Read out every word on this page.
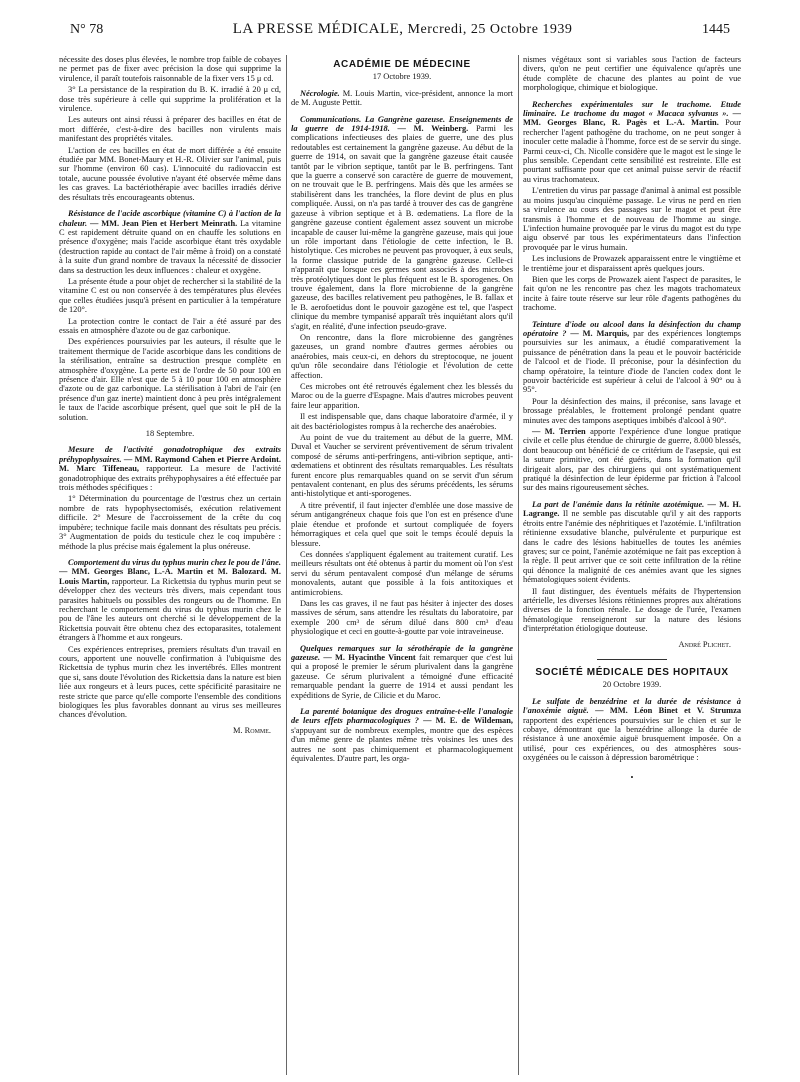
N° 78	LA PRESSE MÉDICALE, Mercredi, 25 Octobre 1939	1445

nécessite des doses plus élevées, le nombre trop faible de cobayes ne permet pas de fixer avec précision la dose qui supprime la virulence, il paraît toutefois raisonnable de la fixer vers 15 μ cd.

3° La persistance de la respiration du B. K. irradié à 20 μ cd, dose très supérieure à celle qui supprime la prolifération et la virulence.

Les auteurs ont ainsi réussi à préparer des bacilles en état de mort différée, c'est-à-dire des bacilles non virulents mais manifestant des propriétés vitales.

L'action de ces bacilles en état de mort différée a été ensuite étudiée par MM. Bonet-Maury et H.-R. Olivier sur l'animal, puis sur l'homme (environ 60 cas). L'innocuité du radiovaccin est totale, aucune poussée évolutive n'ayant été observée même dans les cas graves. La bactériothérapie avec bacilles irradiés dérive des résultats très encourageants obtenus.

Résistance de l'acide ascorbique (vitamine C) à l'action de la chaleur. — MM. Jean Pien et Herbert Meinrath. La vitamine C est rapidement détruite quand on en chauffe les solutions en présence d'oxygène; mais l'acide ascorbique étant très oxydable (destruction rapide au contact de l'air même à froid) on a constaté à la suite d'un grand nombre de travaux la nécessité de dissocier dans sa destruction les deux influences : chaleur et oxygène.

La présente étude a pour objet de rechercher si la stabilité de la vitamine C est ou non conservée à des températures plus élevées que celles étudiées jusqu'à présent en particulier à la température de 120°.

La protection contre le contact de l'air a été assuré par des essais en atmosphère d'azote ou de gaz carbonique.

Des expériences poursuivies par les auteurs, il résulte que le traitement thermique de l'acide ascorbique dans les conditions de la stérilisation, entraîne sa destruction presque complète en atmosphère d'oxygène. La perte est de l'ordre de 50 pour 100 en présence d'air. Elle n'est que de 5 à 10 pour 100 en atmosphère d'azote ou de gaz carbonique. La stérilisation à l'abri de l'air (en présence d'un gaz inerte) maintient donc à peu près intégralement le taux de l'acide ascorbique présent, quel que soit le pH de la solution.

18 Septembre.

Mesure de l'activité gonadotrophique des extraits préhypophysaires. — MM. Raymond Cahen et Pierre Ardoint. M. Marc Tiffeneau, rapporteur. La mesure de l'activité gonadotrophique des extraits préhypophysaires a été effectuée par trois méthodes spécifiques :

1° Détermination du pourcentage de l'œstrus chez un certain nombre de rats hypophysectomisés, exécution relativement difficile. 2° Mesure de l'accroissement de la crête du coq impubère; technique facile mais donnant des résultats peu précis. 3° Augmentation de poids du testicule chez le coq impubère : méthode la plus précise mais également la plus onéreuse.

Comportement du virus du typhus murin chez le pou de l'âne. — MM. Georges Blanc, L.-A. Martin et M. Balozard. M. Louis Martin, rapporteur. La Rickettsia du typhus murin peut se développer chez des vecteurs très divers, mais cependant tous parasites habituels ou possibles des rongeurs ou de l'homme. En recherchant le comportement du virus du typhus murin chez le pou de l'âne les auteurs ont cherché si le développement de la Rickettsia pouvait être obtenu chez des ectoparasites, totalement étrangers à l'homme et aux rongeurs.

Ces expériences entreprises, premiers résultats d'un travail en cours, apportent une nouvelle confirmation à l'ubiquisme des Rickettsia de typhus murin chez les invertébrés. Elles montrent que si, sans doute l'évolution des Rickettsia dans la nature est bien liée aux rongeurs et à leurs puces, cette spécificité parasitaire ne reste stricte que parce qu'elle comporte l'ensemble des conditions biologiques les plus favorables donnant au virus ses meilleures chances d'évolution.

M. Romme.

ACADÉMIE DE MÉDECINE

17 Octobre 1939.

Nécrologie. M. Louis Martin, vice-président, annonce la mort de M. Auguste Pettit.

Communications. La Gangrène gazeuse. Enseignements de la guerre de 1914-1918. — M. Weinberg. Parmi les complications infectieuses des plaies de guerre, une des plus redoutables est certainement la gangrène gazeuse. Au début de la guerre de 1914, on savait que la gangrène gazeuse était causée tantôt par le vibrion septique, tantôt par le B. perfringens. Tant que la guerre a conservé son caractère de guerre de mouvement, on ne trouvait que le B. perfringens. Mais dès que les armées se stabilisèrent dans les tranchées, la flore devint de plus en plus compliquée. Aussi, on n'a pas tardé à trouver des cas de gangrène gazeuse à vibrion septique et à B. œdematiens. La flore de la gangrène gazeuse contient également assez souvent un microbe incapable de causer lui-même la gangrène gazeuse, mais qui joue un rôle important dans l'étiologie de cette infection, le B. histolytique. Ces microbes ne peuvent pas provoquer, à eux seuls, la forme classique putride de la gangrène gazeuse. Celle-ci n'apparaît que lorsque ces germes sont associés à des microbes très protéolytiques dont le plus fréquent est le B. sporogenes. On trouve également, dans la flore microbienne de la gangrène gazeuse, des bacilles relativement peu pathogènes, le B. fallax et le B. aerofoetidus dont le pouvoir gazogène est tel, que l'aspect clinique du membre tympanisé apparaît très inquiétant alors qu'il s'agit, en réalité, d'une infection pseudo-grave.

On rencontre, dans la flore microbienne des gangrènes gazeuses, un grand nombre d'autres germes aérobies ou anaérobies, mais ceux-ci, en dehors du streptocoque, ne jouent qu'un rôle secondaire dans l'étiologie et l'évolution de cette affection.

Ces microbes ont été retrouvés également chez les blessés du Maroc ou de la guerre d'Espagne. Mais d'autres microbes peuvent faire leur apparition.

Il est indispensable que, dans chaque laboratoire d'armée, il y ait des bactériologistes rompus à la recherche des anaérobies.

Au point de vue du traitement au début de la guerre, MM. Duval et Vaucher se servirent préventivement de sérum trivalent composé de sérums anti-perfringens, anti-vibrion septique, anti-œdematiens et obtinrent des résultats remarquables. Les résultats furent encore plus remarquables quand on se servit d'un sérum pentavalent contenant, en plus des sérums précédents, les sérums anti-histolytique et anti-sporogenes.

A titre préventif, il faut injecter d'emblée une dose massive de sérum antigangréneux chaque fois que l'on est en présence d'une plaie étendue et profonde et surtout compliquée de foyers hémorragiques et cela quel que soit le temps écoulé depuis la blessure.

Ces données s'appliquent également au traitement curatif. Les meilleurs résultats ont été obtenus à partir du moment où l'on s'est servi du sérum pentavalent composé d'un mélange de sérums monovalents, autant que possible à la fois antitoxiques et antimicrobiens.

Dans les cas graves, il ne faut pas hésiter à injecter des doses massives de sérum, sans attendre les résultats du laboratoire, par exemple 200 cm³ de sérum dilué dans 800 cm³ d'eau physiologique et ceci en goutte-à-goutte par voie intraveineuse.

Quelques remarques sur la sérothérapie de la gangrène gazeuse. — M. Hyacinthe Vincent fait remarquer que c'est lui qui a proposé le premier le sérum plurivalent dans la gangrène gazeuse. Ce sérum plurivalent a témoigné d'une efficacité remarquable pendant la guerre de 1914 et aussi pendant les expéditions de Syrie, de Cilicie et du Maroc.

La parenté botanique des drogues entraîne-t-elle l'analogie de leurs effets pharmacologiques ? — M. E. de Wildeman, s'appuyant sur de nombreux exemples, montre que des espèces d'un même genre de plantes même très voisines les unes des autres ne sont pas chimiquement et pharmacologiquement équivalentes. D'autre part, les orga-

nismes végétaux sont si variables sous l'action de facteurs divers, qu'on ne peut certifier une équivalence qu'après une étude complète de chacune des plantes au point de vue morphologique, chimique et biologique.

Recherches expérimentales sur le trachome. Etude liminaire. Le trachome du magot « Macaca sylvanus ». — MM. Georges Blanc, R. Pagès et L.-A. Martin. Pour rechercher l'agent pathogène du trachome, on ne peut songer à inoculer cette maladie à l'homme, force est de se servir du singe. Parmi ceux-ci, Ch. Nicolle considère que le magot est le singe le plus sensible. Cependant cette sensibilité est restreinte. Elle est pourtant suffisante pour que cet animal puisse servir de réactif au virus trachomateux.

L'entretien du virus par passage d'animal à animal est possible au moins jusqu'au cinquième passage. Le virus ne perd en rien sa virulence au cours des passages sur le magot et peut être transmis à l'homme et de nouveau de l'homme au singe. L'infection humaine provoquée par le virus du magot est du type aigu observé par tous les expérimentateurs dans l'infection provoquée par le virus humain.

Les inclusions de Prowazek apparaissent entre le vingtième et le trentième jour et disparaissent après quelques jours.

Bien que les corps de Prowazek aient l'aspect de parasites, le fait qu'on ne les rencontre pas chez les magots trachomateux incite à faire toute réserve sur leur rôle d'agents pathogènes du trachome.

Teinture d'iode ou alcool dans la désinfection du champ opératoire ? — M. Marquis, par des expériences longtemps poursuivies sur les animaux, a étudié comparativement la puissance de pénétration dans la peau et le pouvoir bactéricide de l'alcool et de l'iode. Il préconise, pour la désinfection du champ opératoire, la teinture d'iode de l'ancien codex dont le pouvoir bactéricide est supérieur à celui de l'alcool à 90° ou à 95°.

Pour la désinfection des mains, il préconise, sans lavage et brossage préalables, le frottement prolongé pendant quatre minutes avec des tampons aseptiques imbibés d'alcool à 90°.

— M. Terrien apporte l'expérience d'une longue pratique civile et celle plus étendue de chirurgie de guerre, 8.000 blessés, dont beaucoup ont bénéficié de ce critérium de l'asepsie, qui est la suture primitive, ont été guéris, dans la formation qu'il dirigeait alors, par des chirurgiens qui ont systématiquement pratiqué la désinfection de leur épiderme par friction à l'alcool sur des mains rigoureusement sèches.

La part de l'anémie dans la rétinite azotémique. — M. H. Lagrange. Il ne semble pas discutable qu'il y ait des rapports étroits entre l'anémie des néphritiques et l'azotémie. L'infiltration rétinienne exsudative blanche, pulvérulente et purpurique est dans le cadre des lésions habituelles de toutes les anémies graves; sur ce point, l'anémie azotémique ne fait pas exception à la règle. Il peut arriver que ce soit cette infiltration de la rétine qui dénonce la malignité de ces anémies avant que les signes hématologiques soient évidents.

Il faut distinguer, des éventuels méfaits de l'hypertension artérielle, les diverses lésions rétiniennes propres aux altérations diverses de la fonction rénale. Le dosage de l'urée, l'examen hématologique renseigneront sur la nature des lésions d'interprétation étiologique douteuse.

André Plichet.

SOCIÉTÉ MÉDICALE DES HOPITAUX

20 Octobre 1939.

Le sulfate de benzédrine et la durée de résistance à l'anoxémie aiguë. — MM. Léon Binet et V. Strumza rapportent des expériences poursuivies sur le chien et sur le cobaye, démontrant que la benzédrine allonge la durée de résistance à une anoxémie aiguë brusquement imposée. On a utilisé, pour ces expériences, ou des atmosphères sous-oxygénées ou le caisson à dépression barométrique :

•
